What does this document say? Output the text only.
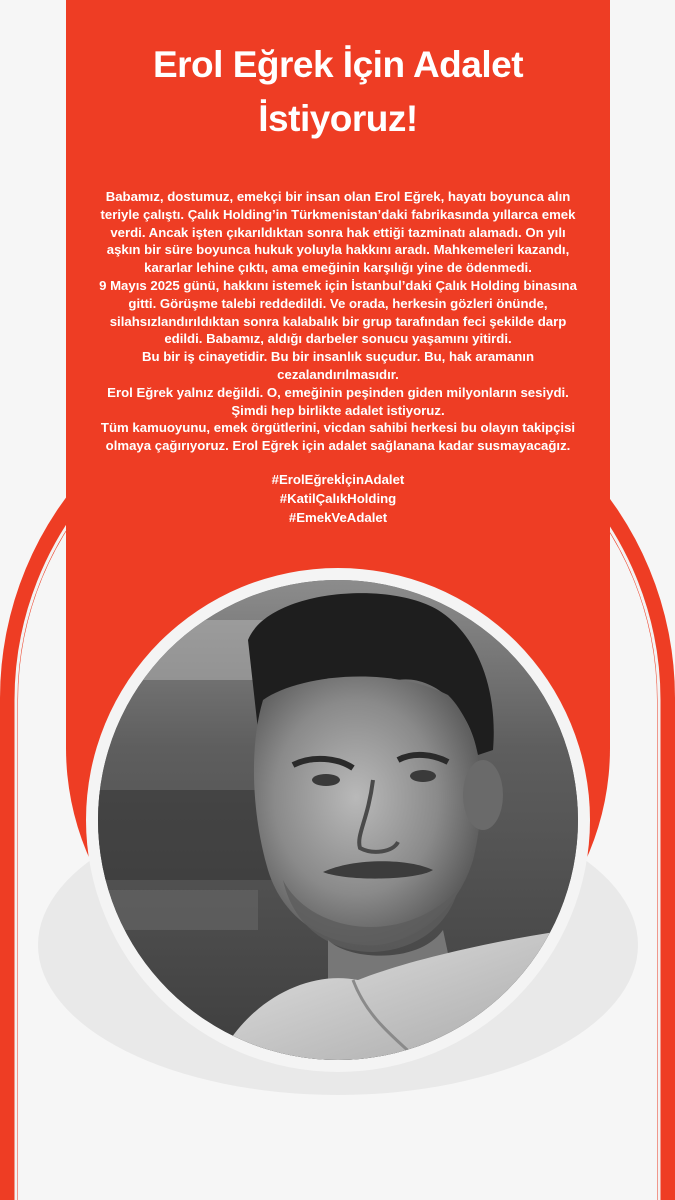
Erol Eğrek İçin Adalet
İstiyoruz!
Babamız, dostumuz, emekçi bir insan olan Erol Eğrek, hayatı boyunca alın
teriyle çalıştı. Çalık Holding’in Türkmenistan’daki fabrikasında yıllarca emek
verdi. Ancak işten çıkarıldıktan sonra hak ettiği tazminatı alamadı. On yılı
aşkın bir süre boyunca hukuk yoluyla hakkını aradı. Mahkemeleri kazandı,
kararlar lehine çıktı, ama emeğinin karşılığı yine de ödenmedi.
9 Mayıs 2025 günü, hakkını istemek için İstanbul’daki Çalık Holding binasına
gitti. Görüşme talebi reddedildi. Ve orada, herkesin gözleri önünde,
silahsızlandırıldıktan sonra kalabalık bir grup tarafından feci şekilde darp
edildi. Babamız, aldığı darbeler sonucu yaşamını yitirdi.
Bu bir iş cinayetidir. Bu bir insanlık suçudur. Bu, hak aramanın
cezalandırılmasıdır.
Erol Eğrek yalnız değildi. O, emeğinin peşinden giden milyonların sesiydi.
Şimdi hep birlikte adalet istiyoruz.
Tüm kamuoyunu, emek örgütlerini, vicdan sahibi herkesi bu olayın takipçisi
olmaya çağırıyoruz. Erol Eğrek için adalet sağlanana kadar susmayacağız.
#ErolEğrekİçinAdalet
#KatilÇalıkHolding
#EmekVeAdalet
